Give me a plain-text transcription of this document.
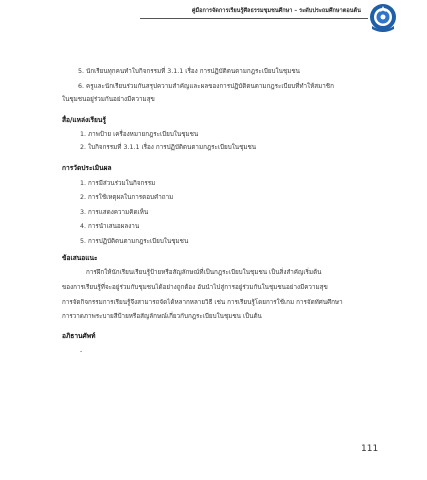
คู่มือการจัดการเรียนรู้ศีลธรรมชุมชนศึกษา – ระดับประถมศึกษาตอนต้น
5. นักเรียนทุกคนทำใบกิจกรรมที่ 3.1.1 เรื่อง การปฏิบัติตนตามกฎระเบียบในชุมชน
6. ครูและนักเรียนร่วมกันสรุปความสำคัญและผลของการปฏิบัติตนตามกฎระเบียบที่ทำให้สมาชิก
ในชุมชนอยู่ร่วมกันอย่างมีความสุข
สื่อ/แหล่งเรียนรู้
1. ภาพป้าย เครื่องหมายกฎระเบียบในชุมชน
2. ใบกิจกรรมที่ 3.1.1 เรื่อง การปฏิบัติตนตามกฎระเบียบในชุมชน
การวัดประเมินผล
1. การมีส่วนร่วมในกิจกรรม
2. การใช้เหตุผลในการตอบคำถาม
3. การแสดงความคิดเห็น
4. การนำเสนอผลงาน
5. การปฏิบัติตนตามกฎระเบียบในชุมชน
ข้อเสนอแนะ
การฝึกให้นักเรียนเรียนรู้ป้ายหรือสัญลักษณ์ที่เป็นกฎระเบียบในชุมชน เป็นสิ่งสำคัญเริ่มต้น
ของการเรียนรู้ที่จะอยู่ร่วมกับชุมชนได้อย่างถูกต้อง อันนำไปสู่การอยู่ร่วมกันในชุมชนอย่างมีความสุข
การจัดกิจกรรมการเรียนรู้จึงสามารถจัดได้หลากหลายวิธี เช่น การเรียนรู้โดยการใช้เกม การจัดทัศนศึกษา
การวาดภาพระบายสีป้ายหรือสัญลักษณ์เกี่ยวกับกฎระเบียบในชุมชน เป็นต้น
อภิธานศัพท์
-
111
